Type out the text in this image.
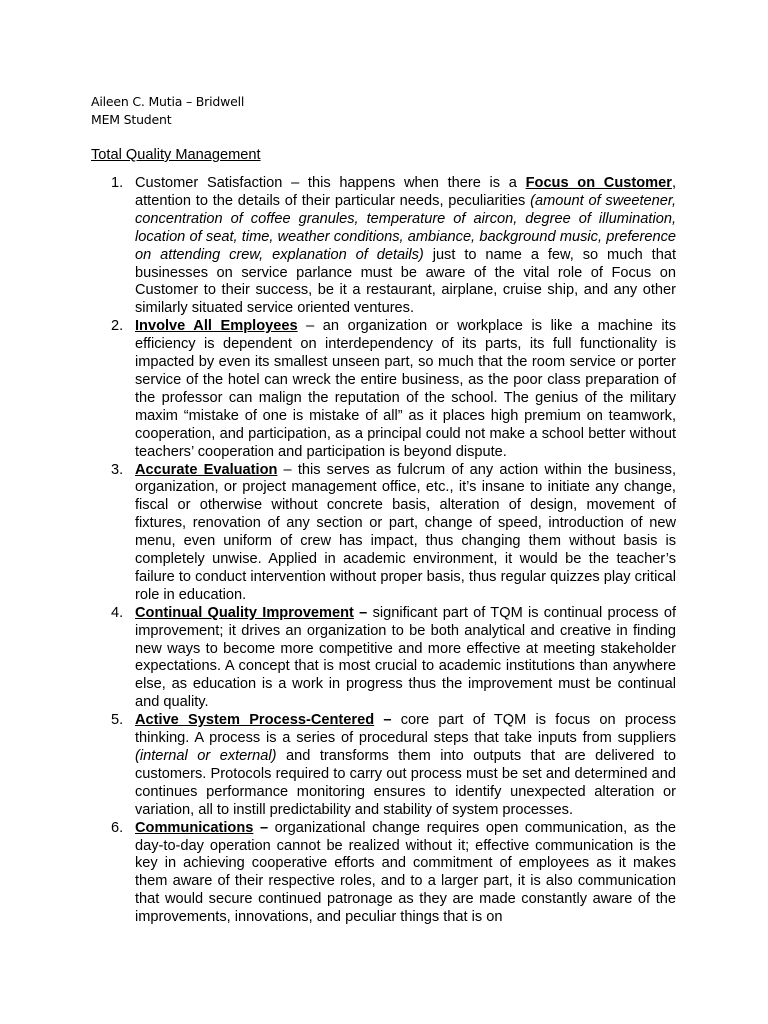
Aileen C. Mutia – Bridwell
MEM Student
Total Quality Management
1. Customer Satisfaction – this happens when there is a Focus on Customer, attention to the details of their particular needs, peculiarities (amount of sweetener, concentration of coffee granules, temperature of aircon, degree of illumination, location of seat, time, weather conditions, ambiance, background music, preference on attending crew, explanation of details) just to name a few, so much that businesses on service parlance must be aware of the vital role of Focus on Customer to their success, be it a restaurant, airplane, cruise ship, and any other similarly situated service oriented ventures.
2. Involve All Employees – an organization or workplace is like a machine its efficiency is dependent on interdependency of its parts, its full functionality is impacted by even its smallest unseen part, so much that the room service or porter service of the hotel can wreck the entire business, as the poor class preparation of the professor can malign the reputation of the school. The genius of the military maxim “mistake of one is mistake of all” as it places high premium on teamwork, cooperation, and participation, as a principal could not make a school better without teachers’ cooperation and participation is beyond dispute.
3. Accurate Evaluation – this serves as fulcrum of any action within the business, organization, or project management office, etc., it’s insane to initiate any change, fiscal or otherwise without concrete basis, alteration of design, movement of fixtures, renovation of any section or part, change of speed, introduction of new menu, even uniform of crew has impact, thus changing them without basis is completely unwise. Applied in academic environment, it would be the teacher’s failure to conduct intervention without proper basis, thus regular quizzes play critical role in education.
4. Continual Quality Improvement – significant part of TQM is continual process of improvement; it drives an organization to be both analytical and creative in finding new ways to become more competitive and more effective at meeting stakeholder expectations. A concept that is most crucial to academic institutions than anywhere else, as education is a work in progress thus the improvement must be continual and quality.
5. Active System Process-Centered – core part of TQM is focus on process thinking. A process is a series of procedural steps that take inputs from suppliers (internal or external) and transforms them into outputs that are delivered to customers. Protocols required to carry out process must be set and determined and continues performance monitoring ensures to identify unexpected alteration or variation, all to instill predictability and stability of system processes.
6. Communications – organizational change requires open communication, as the day-to-day operation cannot be realized without it; effective communication is the key in achieving cooperative efforts and commitment of employees as it makes them aware of their respective roles, and to a larger part, it is also communication that would secure continued patronage as they are made constantly aware of the improvements, innovations, and peculiar things that is on
